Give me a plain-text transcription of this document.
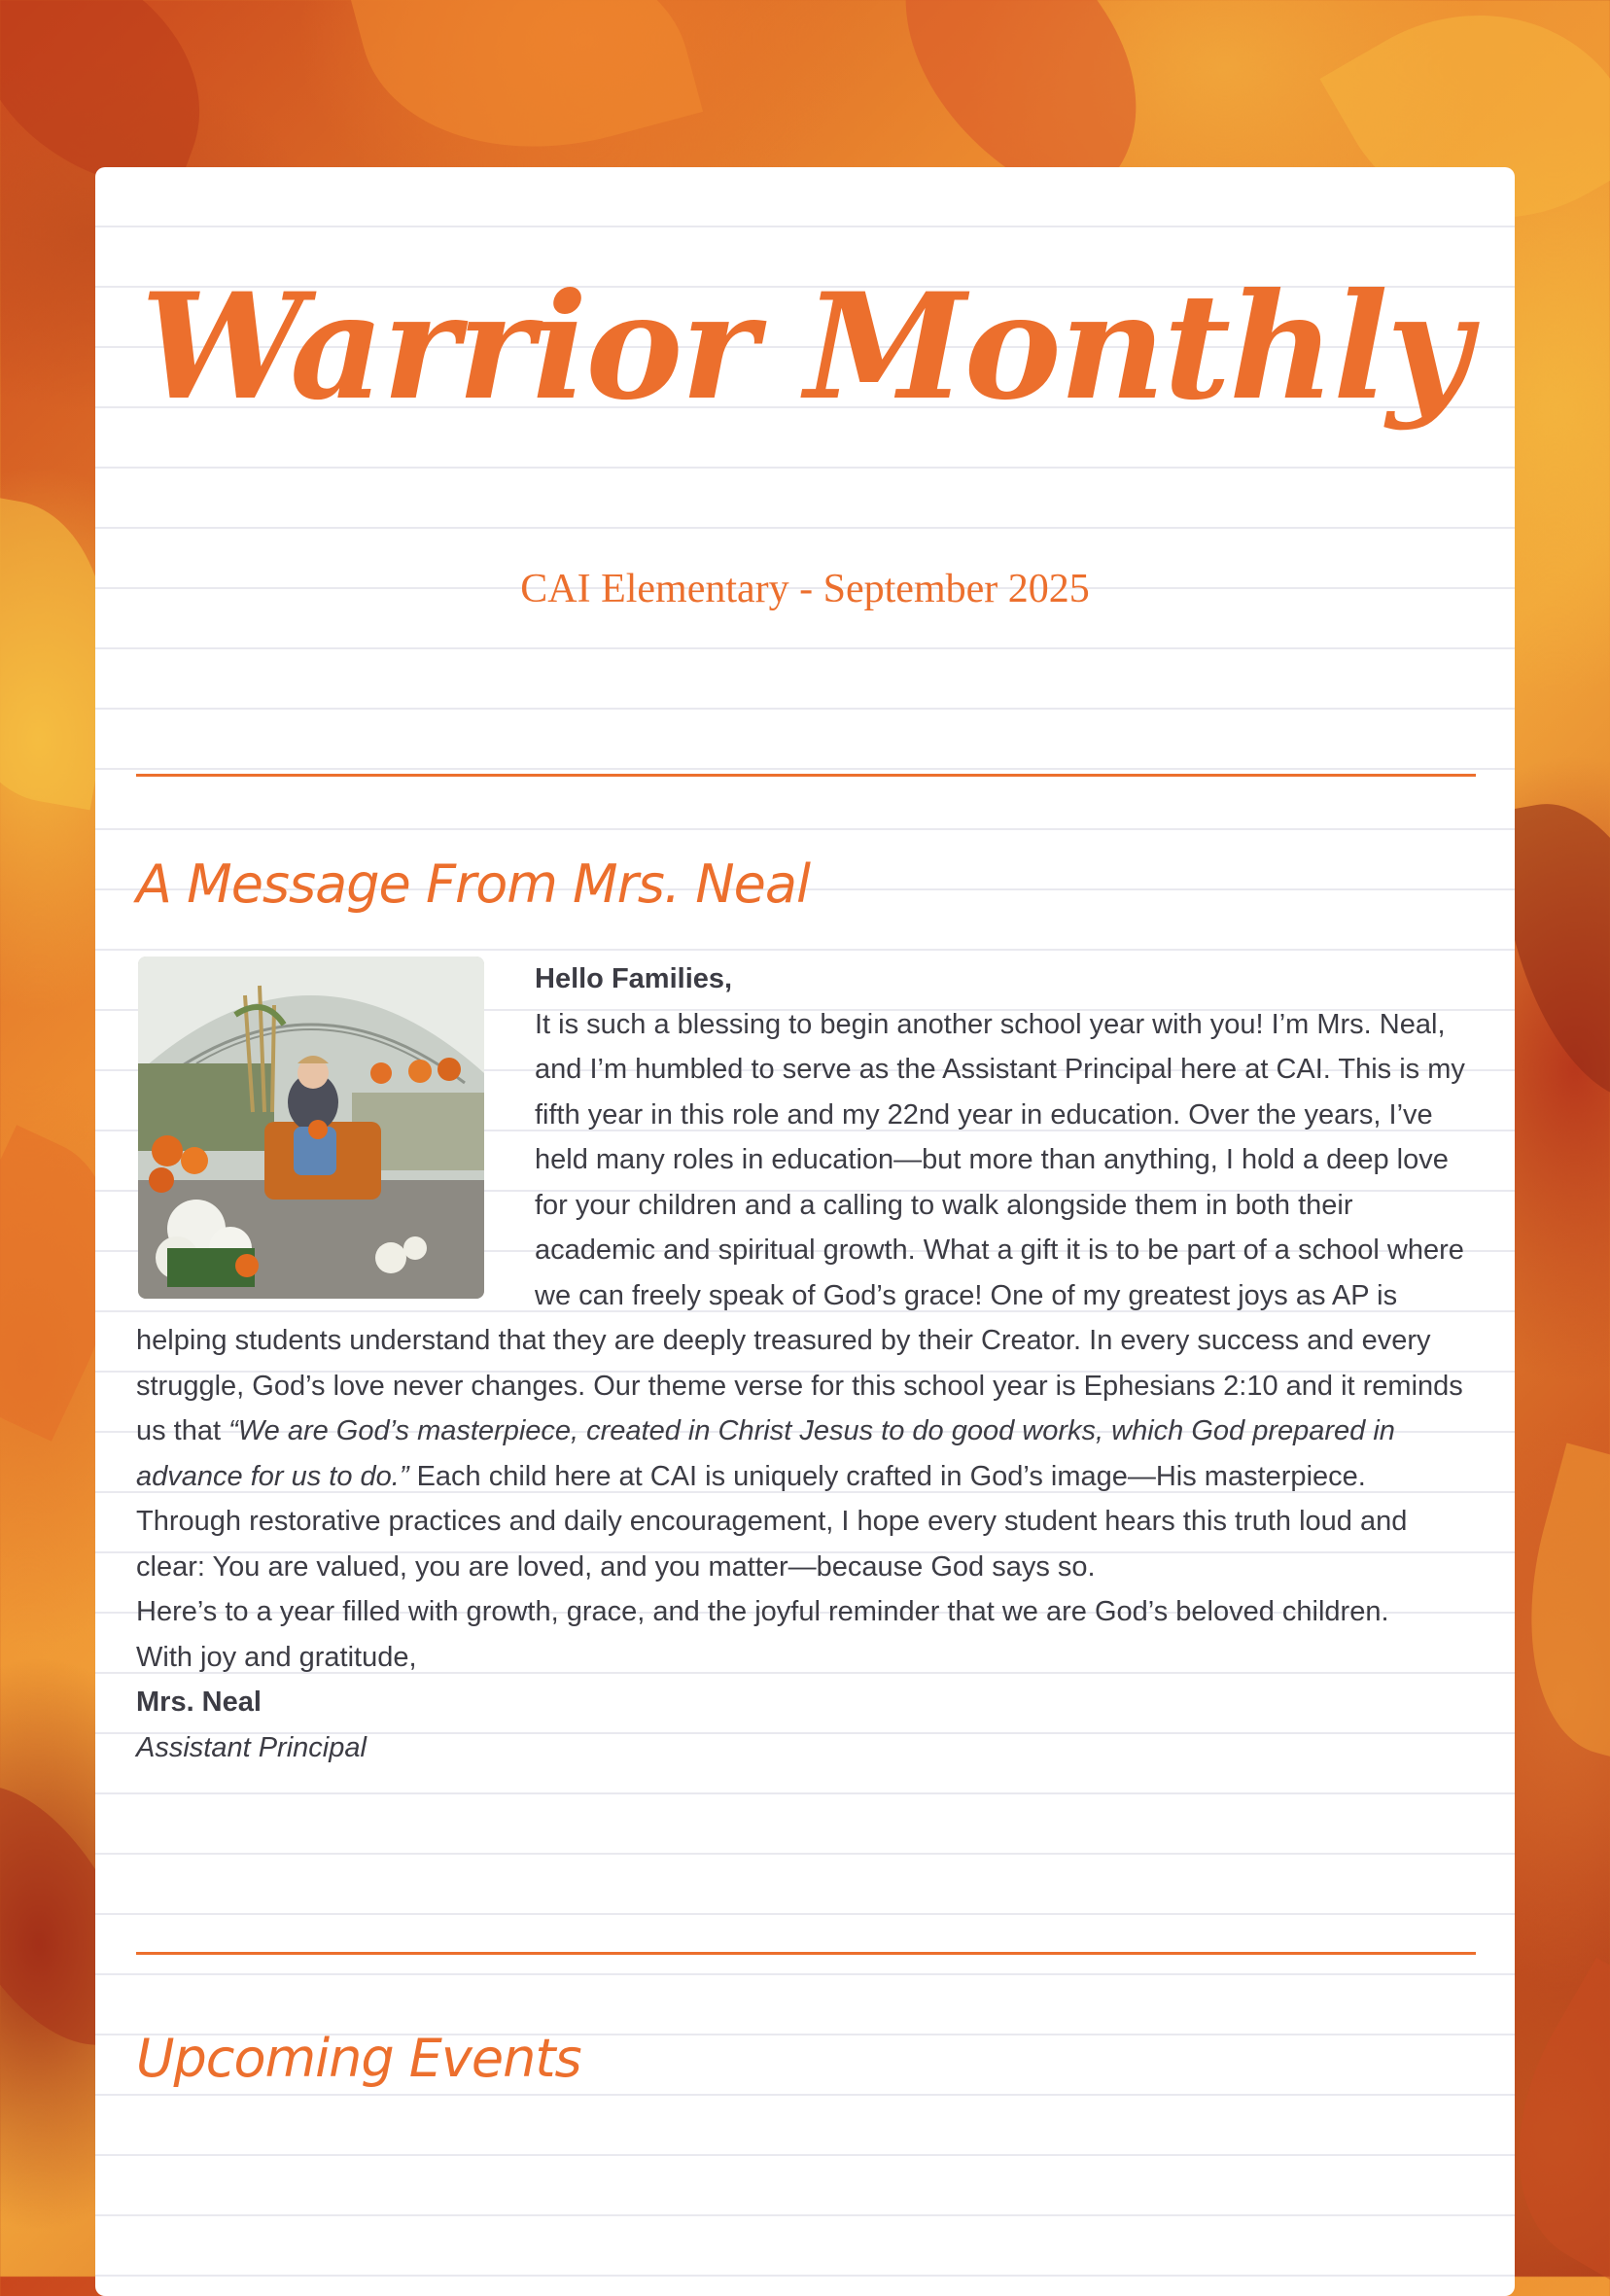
Warrior Monthly
CAI Elementary - September 2025
A Message From Mrs. Neal

Hello Families,

It is such a blessing to begin another school year with you! I’m Mrs. Neal, and I’m humbled to serve as the Assistant Principal here at CAI. This is my fifth year in this role and my 22nd year in education. Over the years, I’ve held many roles in education—but more than anything, I hold a deep love for your children and a calling to walk alongside them in both their academic and spiritual growth. What a gift it is to be part of a school where we can freely speak of God’s grace! One of my greatest joys as AP is helping students understand that they are deeply treasured by their Creator. In every success and every struggle, God’s love never changes. Our theme verse for this school year is Ephesians 2:10 and it reminds us that “We are God’s masterpiece, created in Christ Jesus to do good works, which God prepared in advance for us to do.” Each child here at CAI is uniquely crafted in God’s image—His masterpiece. Through restorative practices and daily encouragement, I hope every student hears this truth loud and clear: You are valued, you are loved, and you matter—because God says so.

Here’s to a year filled with growth, grace, and the joyful reminder that we are God’s beloved children.

With joy and gratitude,

Mrs. Neal

Assistant Principal

Upcoming Events
